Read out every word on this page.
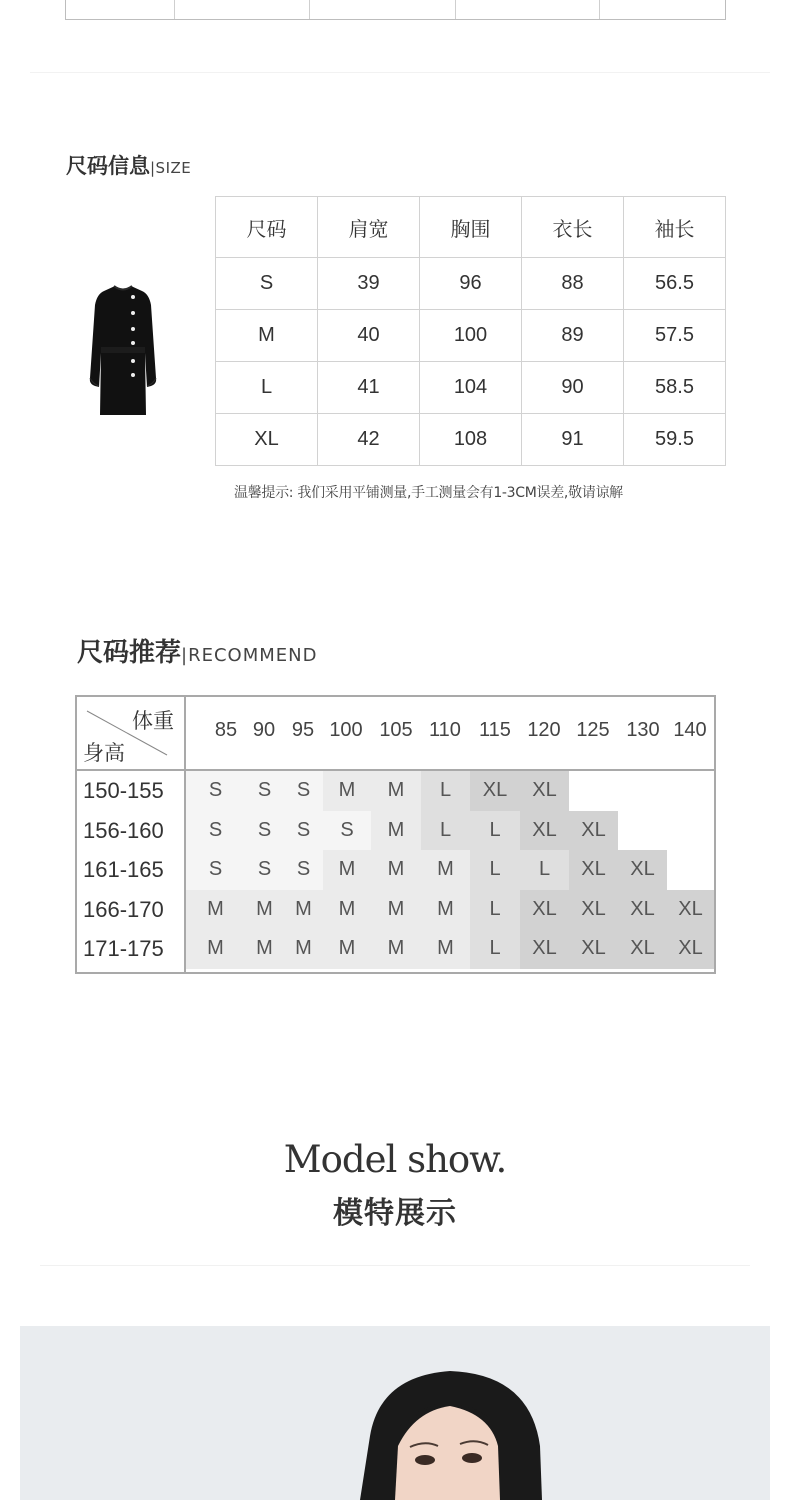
尺码信息|SIZE
尺码	肩宽	胸围	衣长	袖长
S	39	96	88	56.5
M	40	100	89	57.5
L	41	104	90	58.5
XL	42	108	91	59.5
温馨提示: 我们采用平铺测量,手工测量会有1-3CM误差,敬请谅解
尺码推荐|RECOMMEND
体重
身高
85 90 95 100 105 110 115 120 125 130 140
150-155	S	S	S	M	M	L	XL	XL
156-160	S	S	S	S	M	L	L	XL	XL
161-165	S	S	S	M	M	M	L	L	XL	XL
166-170	M	M	M	M	M	M	L	XL	XL	XL	XL
171-175	M	M	M	M	M	M	L	XL	XL	XL	XL
Model show.
模特展示
